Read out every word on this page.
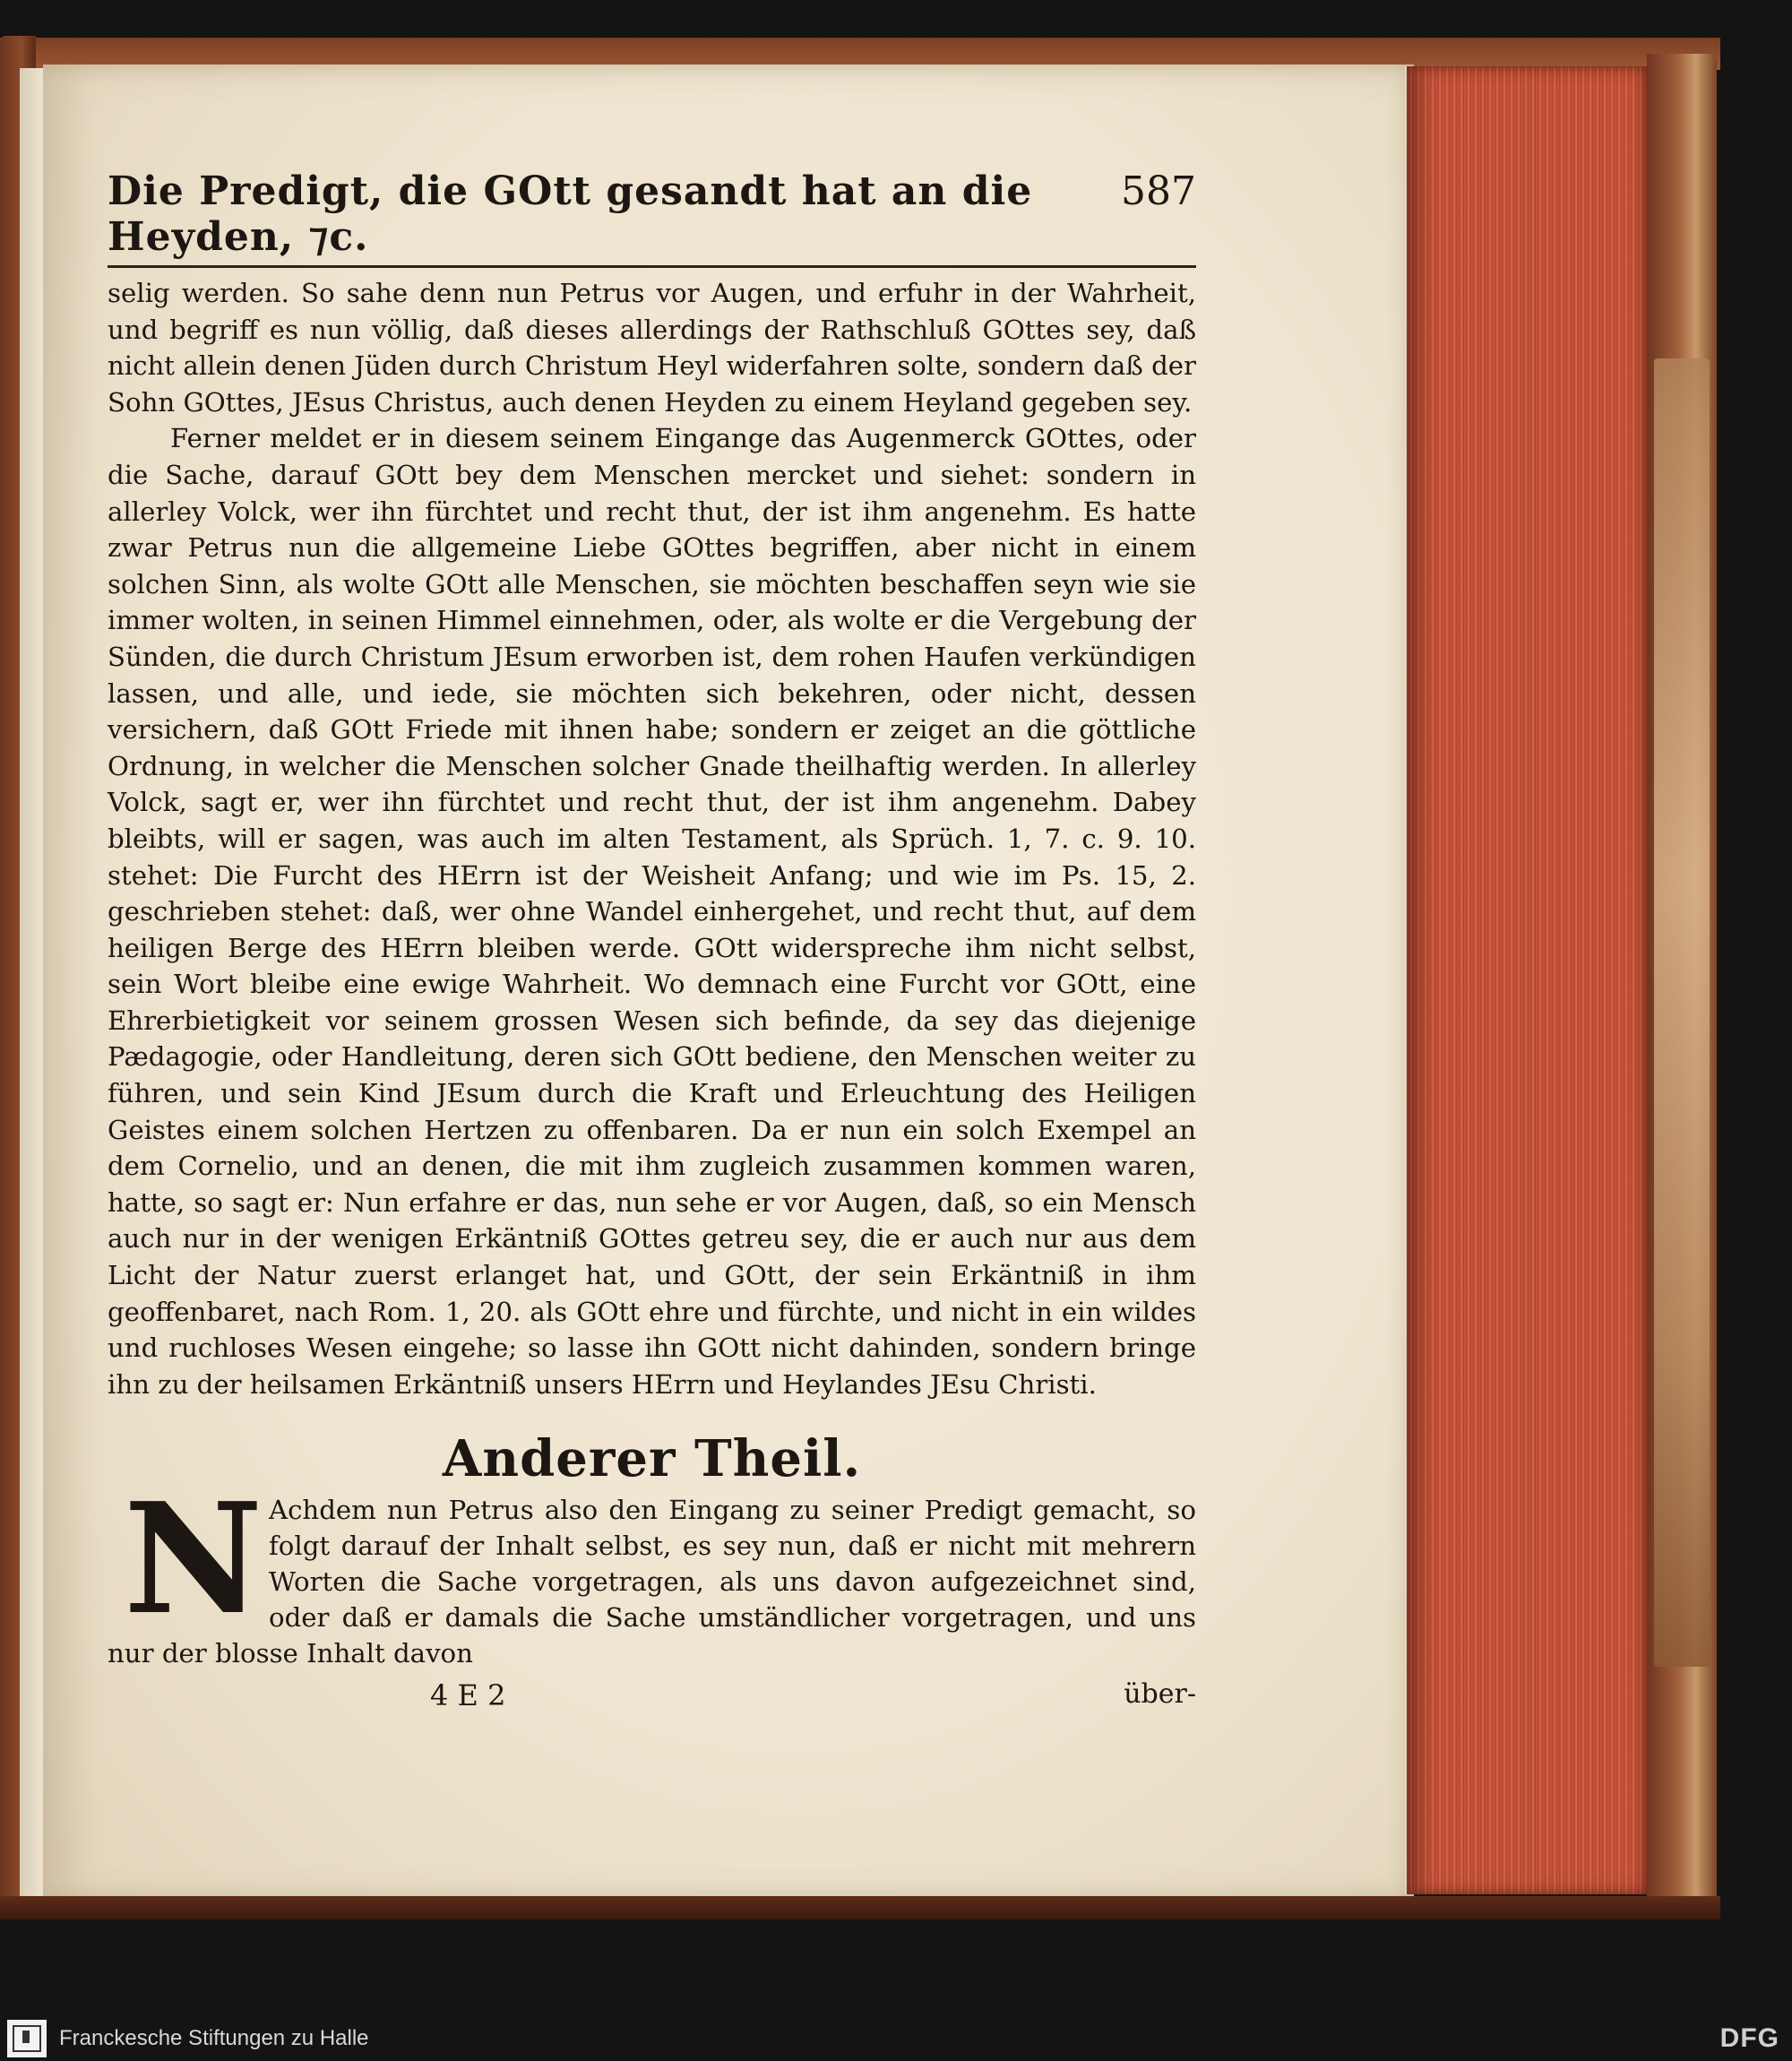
Die Predigt, die GOtt gesandt hat an die Heyden, ⁊c.
587

selig werden. So sahe denn nun Petrus vor Augen, und erfuhr in der Wahrheit, und begriff es nun völlig, daß dieses allerdings der Rathschluß GOttes sey, daß nicht allein denen Jüden durch Christum Heyl widerfahren solte, sondern daß der Sohn GOttes, JEsus Christus, auch denen Heyden zu einem Heyland gegeben sey.

Ferner meldet er in diesem seinem Eingange das Augenmerck GOttes, oder die Sache, darauf GOtt bey dem Menschen mercket und siehet: sondern in allerley Volck, wer ihn fürchtet und recht thut, der ist ihm angenehm. Es hatte zwar Petrus nun die allgemeine Liebe GOttes begriffen, aber nicht in einem solchen Sinn, als wolte GOtt alle Menschen, sie möchten beschaffen seyn wie sie immer wolten, in seinen Himmel einnehmen, oder, als wolte er die Vergebung der Sünden, die durch Christum JEsum erworben ist, dem rohen Haufen verkündigen lassen, und alle, und iede, sie möchten sich bekehren, oder nicht, dessen versichern, daß GOtt Friede mit ihnen habe; sondern er zeiget an die göttliche Ordnung, in welcher die Menschen solcher Gnade theilhaftig werden. In allerley Volck, sagt er, wer ihn fürchtet und recht thut, der ist ihm angenehm. Dabey bleibts, will er sagen, was auch im alten Testament, als Sprüch. 1, 7. c. 9. 10. stehet: Die Furcht des HErrn ist der Weisheit Anfang; und wie im Ps. 15, 2. geschrieben stehet: daß, wer ohne Wandel einhergehet, und recht thut, auf dem heiligen Berge des HErrn bleiben werde. GOtt widerspreche ihm nicht selbst, sein Wort bleibe eine ewige Wahrheit. Wo demnach eine Furcht vor GOtt, eine Ehrerbietigkeit vor seinem grossen Wesen sich befinde, da sey das diejenige Pædagogie, oder Handleitung, deren sich GOtt bediene, den Menschen weiter zu führen, und sein Kind JEsum durch die Kraft und Erleuchtung des Heiligen Geistes einem solchen Hertzen zu offenbaren. Da er nun ein solch Exempel an dem Cornelio, und an denen, die mit ihm zugleich zusammen kommen waren, hatte, so sagt er: Nun erfahre er das, nun sehe er vor Augen, daß, so ein Mensch auch nur in der wenigen Erkäntniß GOttes getreu sey, die er auch nur aus dem Licht der Natur zuerst erlanget hat, und GOtt, der sein Erkäntniß in ihm geoffenbaret, nach Rom. 1, 20. als GOtt ehre und fürchte, und nicht in ein wildes und ruchloses Wesen eingehe; so lasse ihn GOtt nicht dahinden, sondern bringe ihn zu der heilsamen Erkäntniß unsers HErrn und Heylandes JEsu Christi.

Anderer Theil.
N Achdem nun Petrus also den Eingang zu seiner Predigt gemacht, so folgt darauf der Inhalt selbst, es sey nun, daß er nicht mit mehrern Worten die Sache vorgetragen, als uns davon aufgezeichnet sind, oder daß er damals die Sache umständlicher vorgetragen, und uns nur der blosse Inhalt davon

4 E 2	über-
Franckesche Stiftungen zu Halle	DFG
